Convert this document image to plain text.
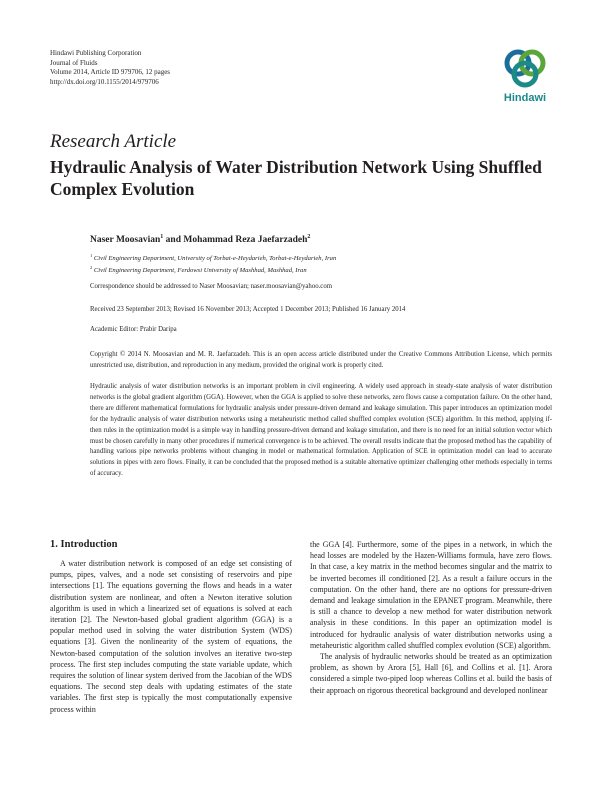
Hindawi Publishing Corporation
Journal of Fluids
Volume 2014, Article ID 979706, 12 pages
http://dx.doi.org/10.1155/2014/979706
Hindawi
Research Article
Hydraulic Analysis of Water Distribution Network Using Shuffled Complex Evolution
Naser Moosavian$^1$ and Mohammad Reza Jaefarzadeh$^2$
$^1$ Civil Engineering Department, University of Torbat-e-Heydarieh, Torbat-e-Heydarieh, Iran
$^2$ Civil Engineering Department, Ferdowsi University of Mashhad, Mashhad, Iran
Correspondence should be addressed to Naser Moosavian; naser.moosavian@yahoo.com
Received 23 September 2013; Revised 16 November 2013; Accepted 1 December 2013; Published 16 January 2014
Academic Editor: Prabir Daripa
Copyright © 2014 N. Moosavian and M. R. Jaefarzadeh. This is an open access article distributed under the Creative Commons Attribution License, which permits unrestricted use, distribution, and reproduction in any medium, provided the original work is properly cited.
Hydraulic analysis of water distribution networks is an important problem in civil engineering. A widely used approach in steady-state analysis of water distribution networks is the global gradient algorithm (GGA). However, when the GGA is applied to solve these networks, zero flows cause a computation failure. On the other hand, there are different mathematical formulations for hydraulic analysis under pressure-driven demand and leakage simulation. This paper introduces an optimization model for the hydraulic analysis of water distribution networks using a metaheuristic method called shuffled complex evolution (SCE) algorithm. In this method, applying if-then rules in the optimization model is a simple way in handling pressure-driven demand and leakage simulation, and there is no need for an initial solution vector which must be chosen carefully in many other procedures if numerical convergence is to be achieved. The overall results indicate that the proposed method has the capability of handling various pipe networks problems without changing in model or mathematical formulation. Application of SCE in optimization model can lead to accurate solutions in pipes with zero flows. Finally, it can be concluded that the proposed method is a suitable alternative optimizer challenging other methods especially in terms of accuracy.
1. Introduction

A water distribution network is composed of an edge set consisting of pumps, pipes, valves, and a node set consisting of reservoirs and pipe intersections [1]. The equations governing the flows and heads in a water distribution system are nonlinear, and often a Newton iterative solution algorithm is used in which a linearized set of equations is solved at each iteration [2]. The Newton-based global gradient algorithm (GGA) is a popular method used in solving the water distribution System (WDS) equations [3]. Given the nonlinearity of the system of equations, the Newton-based computation of the solution involves an iterative two-step process. The first step includes computing the state variable update, which requires the solution of linear system derived from the Jacobian of the WDS equations. The second step deals with updating estimates of the state variables. The first step is typically the most computationally expensive process within

the GGA [4]. Furthermore, some of the pipes in a network, in which the head losses are modeled by the Hazen-Williams formula, have zero flows. In that case, a key matrix in the method becomes singular and the matrix to be inverted becomes ill conditioned [2]. As a result a failure occurs in the computation. On the other hand, there are no options for pressure-driven demand and leakage simulation in the EPANET program. Meanwhile, there is still a chance to develop a new method for water distribution network analysis in these conditions. In this paper an optimization model is introduced for hydraulic analysis of water distribution networks using a metaheuristic algorithm called shuffled complex evolution (SCE) algorithm.

The analysis of hydraulic networks should be treated as an optimization problem, as shown by Arora [5], Hall [6], and Collins et al. [1]. Arora considered a simple two-piped loop whereas Collins et al. build the basis of their approach on rigorous theoretical background and developed nonlinear
